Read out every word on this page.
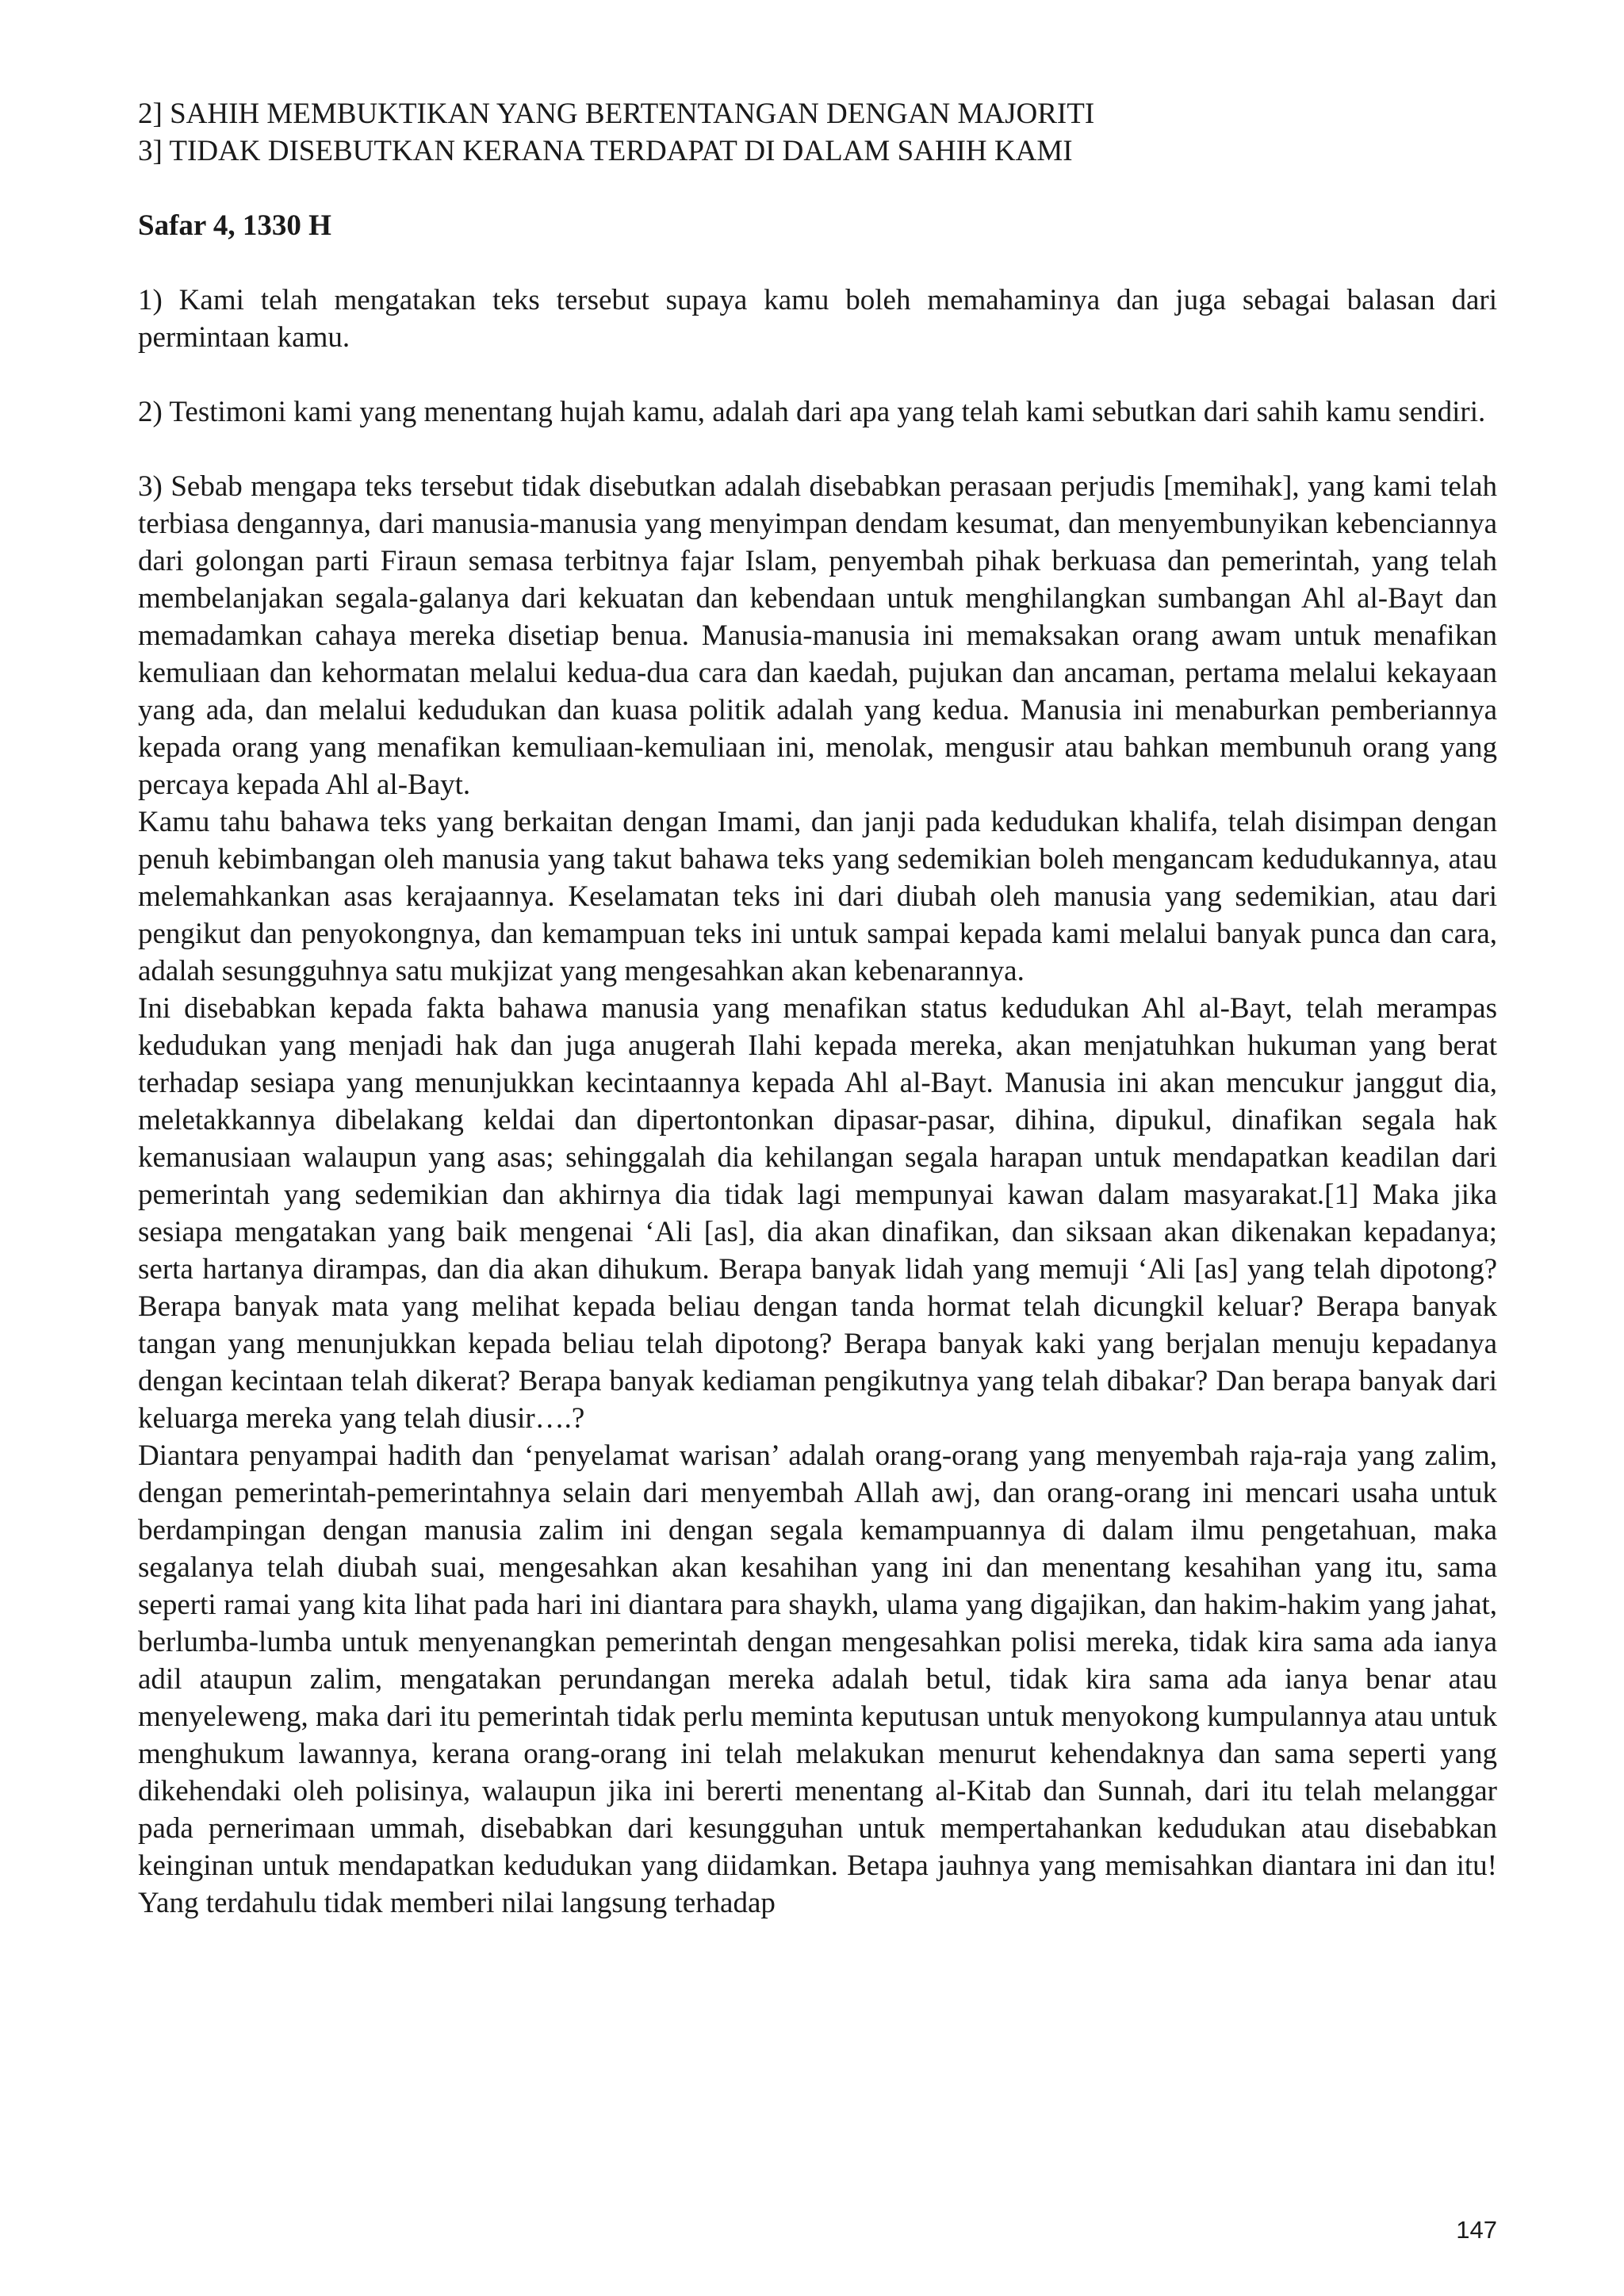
2] SAHIH MEMBUKTIKAN YANG BERTENTANGAN DENGAN MAJORITI
3] TIDAK DISEBUTKAN KERANA TERDAPAT DI DALAM SAHIH KAMI

Safar 4, 1330 H

1) Kami telah mengatakan teks tersebut supaya kamu boleh memahaminya dan juga sebagai balasan dari permintaan kamu.

2) Testimoni kami yang menentang hujah kamu, adalah dari apa yang telah kami sebutkan dari sahih kamu sendiri.

3) Sebab mengapa teks tersebut tidak disebutkan adalah disebabkan perasaan perjudis [memihak], yang kami telah terbiasa dengannya, dari manusia-manusia yang menyimpan dendam kesumat, dan menyembunyikan kebenciannya dari golongan parti Firaun semasa terbitnya fajar Islam, penyembah pihak berkuasa dan pemerintah, yang telah membelanjakan segala-galanya dari kekuatan dan kebendaan untuk menghilangkan sumbangan Ahl al-Bayt dan memadamkan cahaya mereka disetiap benua. Manusia-manusia ini memaksakan orang awam untuk menafikan kemuliaan dan kehormatan melalui kedua-dua cara dan kaedah, pujukan dan ancaman, pertama melalui kekayaan yang ada, dan melalui kedudukan dan kuasa politik adalah yang kedua. Manusia ini menaburkan pemberiannya kepada orang yang menafikan kemuliaan-kemuliaan ini, menolak, mengusir atau bahkan membunuh orang yang percaya kepada Ahl al-Bayt.

Kamu tahu bahawa teks yang berkaitan dengan Imami, dan janji pada kedudukan khalifa, telah disimpan dengan penuh kebimbangan oleh manusia yang takut bahawa teks yang sedemikian boleh mengancam kedudukannya, atau melemahkankan asas kerajaannya. Keselamatan teks ini dari diubah oleh manusia yang sedemikian, atau dari pengikut dan penyokongnya, dan kemampuan teks ini untuk sampai kepada kami melalui banyak punca dan cara, adalah sesungguhnya satu mukjizat yang mengesahkan akan kebenarannya.

Ini disebabkan kepada fakta bahawa manusia yang menafikan status kedudukan Ahl al-Bayt, telah merampas kedudukan yang menjadi hak dan juga anugerah Ilahi kepada mereka, akan menjatuhkan hukuman yang berat terhadap sesiapa yang menunjukkan kecintaannya kepada Ahl al-Bayt. Manusia ini akan mencukur janggut dia, meletakkannya dibelakang keldai dan dipertontonkan dipasar-pasar, dihina, dipukul, dinafikan segala hak kemanusiaan walaupun yang asas; sehinggalah dia kehilangan segala harapan untuk mendapatkan keadilan dari pemerintah yang sedemikian dan akhirnya dia tidak lagi mempunyai kawan dalam masyarakat.[1] Maka jika sesiapa mengatakan yang baik mengenai ‘Ali [as], dia akan dinafikan, dan siksaan akan dikenakan kepadanya; serta hartanya dirampas, dan dia akan dihukum. Berapa banyak lidah yang memuji ‘Ali [as] yang telah dipotong? Berapa banyak mata yang melihat kepada beliau dengan tanda hormat telah dicungkil keluar? Berapa banyak tangan yang menunjukkan kepada beliau telah dipotong? Berapa banyak kaki yang berjalan menuju kepadanya dengan kecintaan telah dikerat? Berapa banyak kediaman pengikutnya yang telah dibakar? Dan berapa banyak dari keluarga mereka yang telah diusir….?

Diantara penyampai hadith dan ‘penyelamat warisan’ adalah orang-orang yang menyembah raja-raja yang zalim, dengan pemerintah-pemerintahnya selain dari menyembah Allah awj, dan orang-orang ini mencari usaha untuk berdampingan dengan manusia zalim ini dengan segala kemampuannya di dalam ilmu pengetahuan, maka segalanya telah diubah suai, mengesahkan akan kesahihan yang ini dan menentang kesahihan yang itu, sama seperti ramai yang kita lihat pada hari ini diantara para shaykh, ulama yang digajikan, dan hakim-hakim yang jahat, berlumba-lumba untuk menyenangkan pemerintah dengan mengesahkan polisi mereka, tidak kira sama ada ianya adil ataupun zalim, mengatakan perundangan mereka adalah betul, tidak kira sama ada ianya benar atau menyeleweng, maka dari itu pemerintah tidak perlu meminta keputusan untuk menyokong kumpulannya atau untuk menghukum lawannya, kerana orang-orang ini telah melakukan menurut kehendaknya dan sama seperti yang dikehendaki oleh polisinya, walaupun jika ini bererti menentang al-Kitab dan Sunnah, dari itu telah melanggar pada pernerimaan ummah, disebabkan dari kesungguhan untuk mempertahankan kedudukan atau disebabkan keinginan untuk mendapatkan kedudukan yang diidamkan. Betapa jauhnya yang memisahkan diantara ini dan itu! Yang terdahulu tidak memberi nilai langsung terhadap

147
